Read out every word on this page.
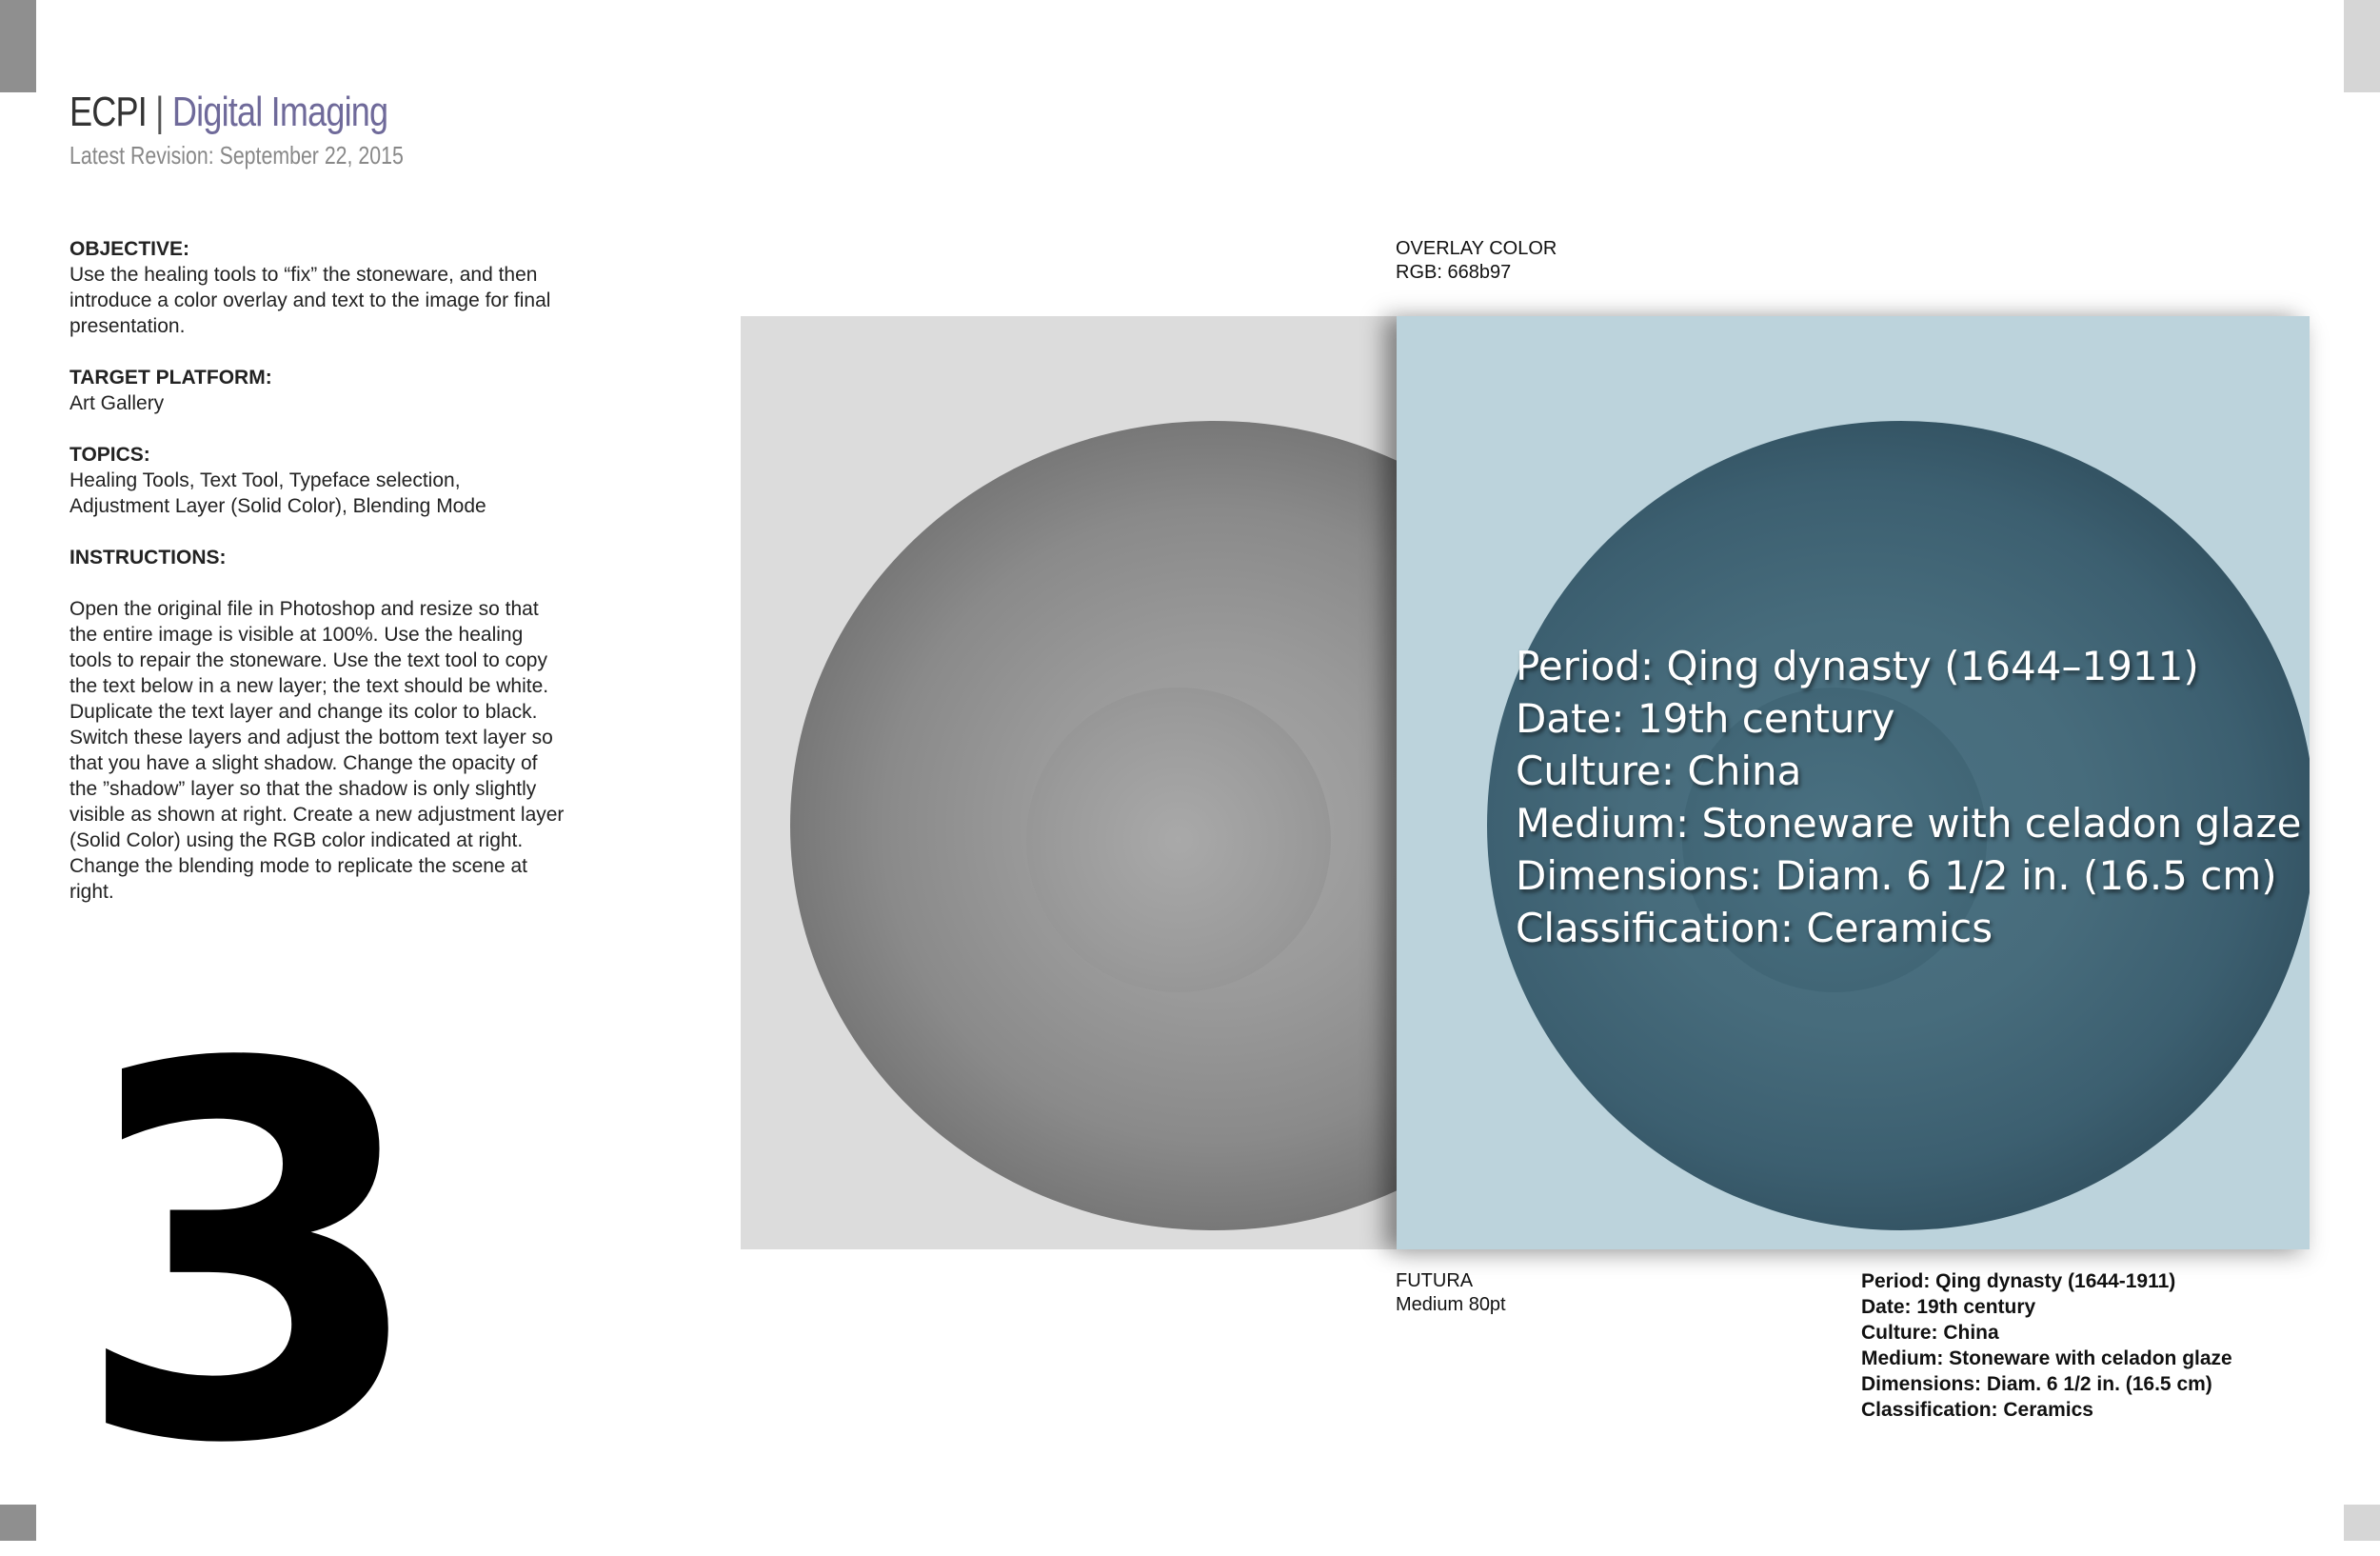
ECPI | Digital Imaging
Latest Revision: September 22, 2015
OBJECTIVE:
Use the healing tools to “fix” the stoneware, and then introduce a color overlay and text to the image for final presentation.
TARGET PLATFORM:
Art Gallery
TOPICS:
Healing Tools, Text Tool, Typeface selection, Adjustment Layer (Solid Color), Blending Mode
INSTRUCTIONS:
Open the original file in Photoshop and resize so that the entire image is visible at 100%. Use the healing tools to repair the stoneware. Use the text tool to copy the text below in a new layer; the text should be white. Duplicate the text layer and change its color to black. Switch these layers and adjust the bottom text layer so that you have a slight shadow. Change the opacity of the ”shadow” layer so that the shadow is only slightly visible as shown at right. Create a new adjustment layer (Solid Color) using the RGB color indicated at right. Change the blending mode to replicate the scene at right.
3
OVERLAY COLOR
RGB: 668b97
Period: Qing dynasty (1644–1911)
Date: 19th century
Culture: China
Medium: Stoneware with celadon glaze
Dimensions: Diam. 6 1/2 in. (16.5 cm)
Classification: Ceramics
FUTURA
Medium 80pt
Period: Qing dynasty (1644-1911)
Date: 19th century
Culture: China
Medium: Stoneware with celadon glaze
Dimensions: Diam. 6 1/2 in. (16.5 cm)
Classification: Ceramics
